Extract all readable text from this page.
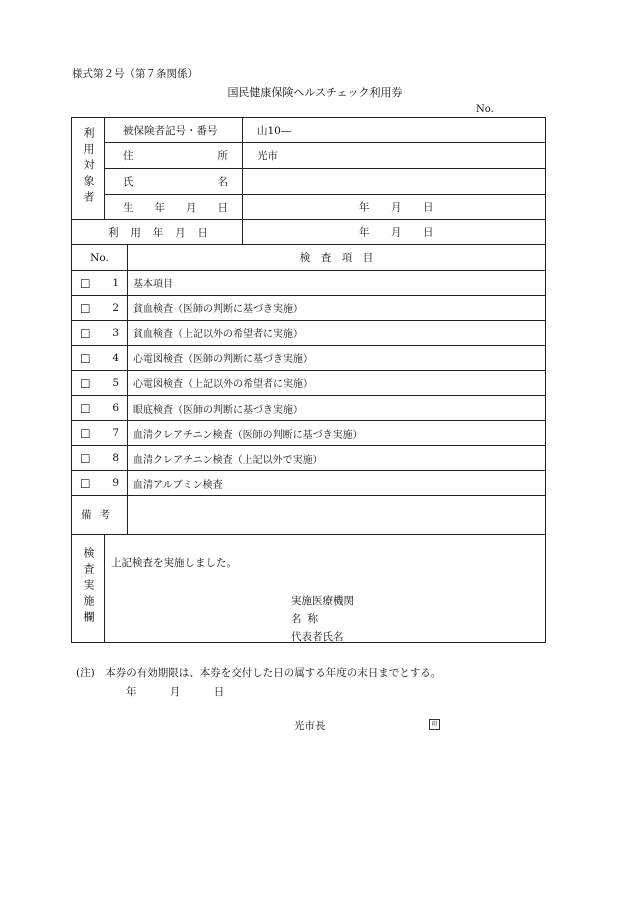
様式第２号（第７条関係）
国民健康保険ヘルスチェック利用券
No.
利用対象者	被保険者記号・番号		山10―

	住 所		光市

	氏 名		

	生 年 月 日		年 月 日

利 用 年 月 日			年 月 日

No.		検　査　項　目	

□ 1		基本項目	

□ 2		貧血検査（医師の判断に基づき実施）	

□ 3		貧血検査（上記以外の希望者に実施）	

□ 4		心電図検査（医師の判断に基づき実施）	

□ 5		心電図検査（上記以外の希望者に実施）	

□ 6		眼底検査（医師の判断に基づき実施）	

□ 7		血清クレアチニン検査（医師の判断に基づき実施）	

□ 8		血清クレアチニン検査（上記以外で実施）	

□ 9		血清アルブミン検査	
備考			
検査実施欄	上記検査を実施しました。
実施医療機関
名称
代表者氏名		
(注)　本券の有効期限は、本券を交付した日の属する年度の末日までとする。
年	月	日
光市長	印
